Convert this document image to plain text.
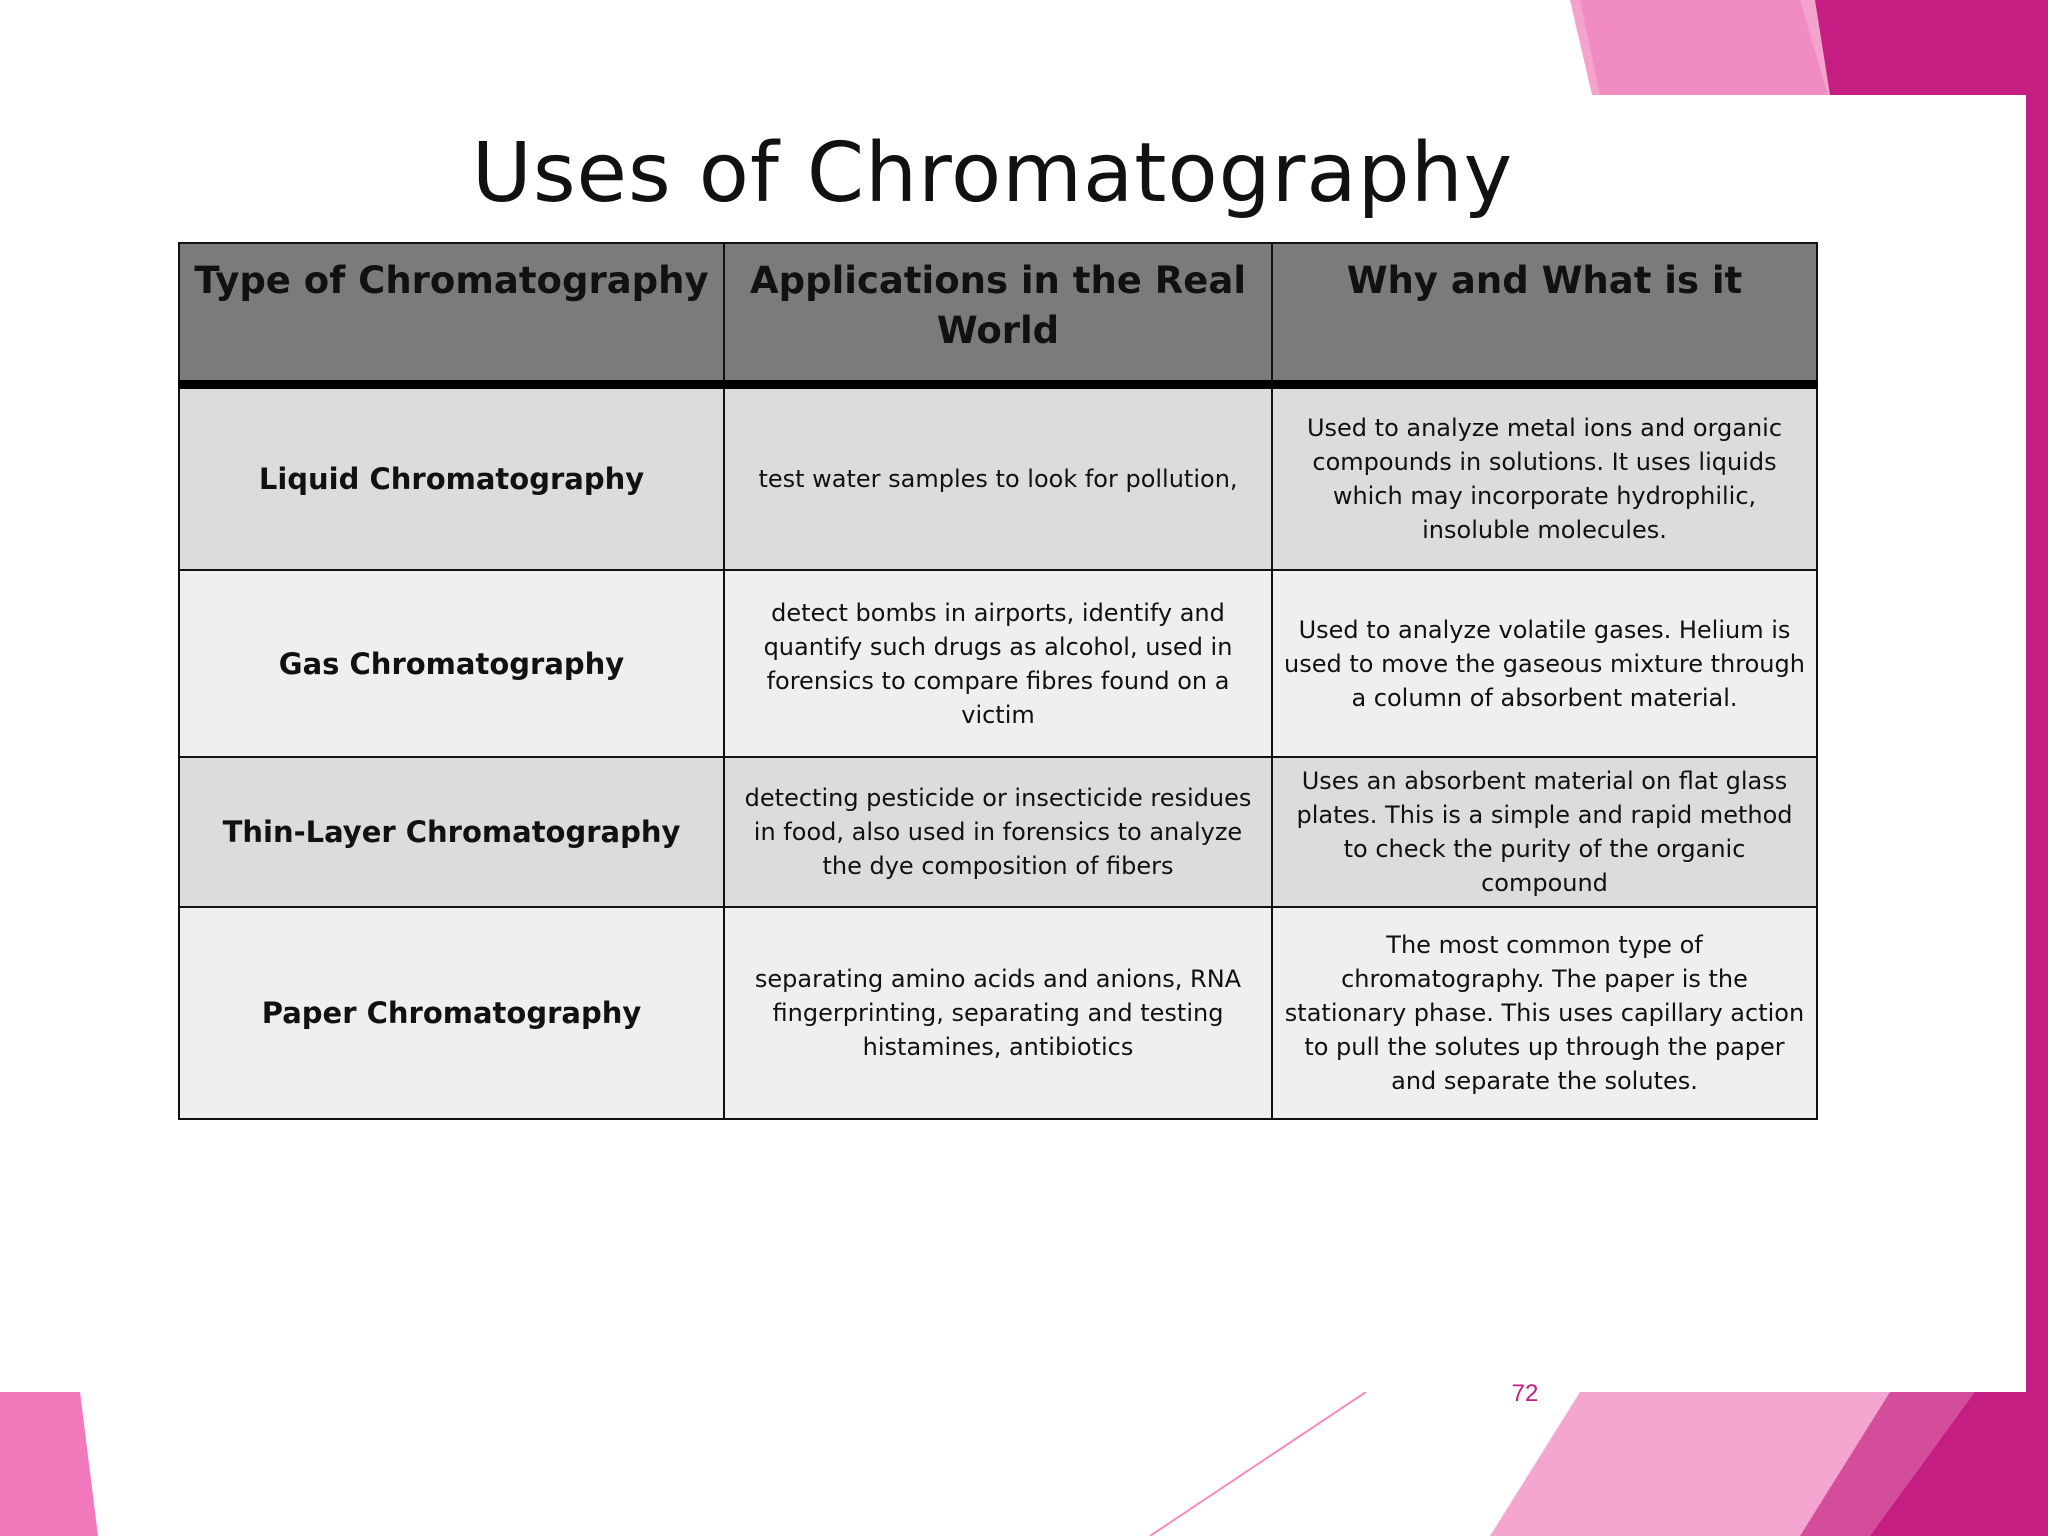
Uses of Chromatography
Type of Chromatography	Applications in the Real World	Why and What is it
Liquid Chromatography	test water samples to look for pollution,	Used to analyze metal ions and organic compounds in solutions. It uses liquids which may incorporate hydrophilic, insoluble molecules.
Gas Chromatography	detect bombs in airports, identify and quantify such drugs as alcohol, used in forensics to compare fibres found on a victim	Used to analyze volatile gases. Helium is used to move the gaseous mixture through a column of absorbent material.
Thin-Layer Chromatography	detecting pesticide or insecticide residues in food, also used in forensics to analyze the dye composition of fibers	Uses an absorbent material on flat glass plates. This is a simple and rapid method to check the purity of the organic compound
Paper Chromatography	separating amino acids and anions, RNA fingerprinting, separating and testing histamines, antibiotics	The most common type of chromatography. The paper is the stationary phase. This uses capillary action to pull the solutes up through the paper and separate the solutes.
72
